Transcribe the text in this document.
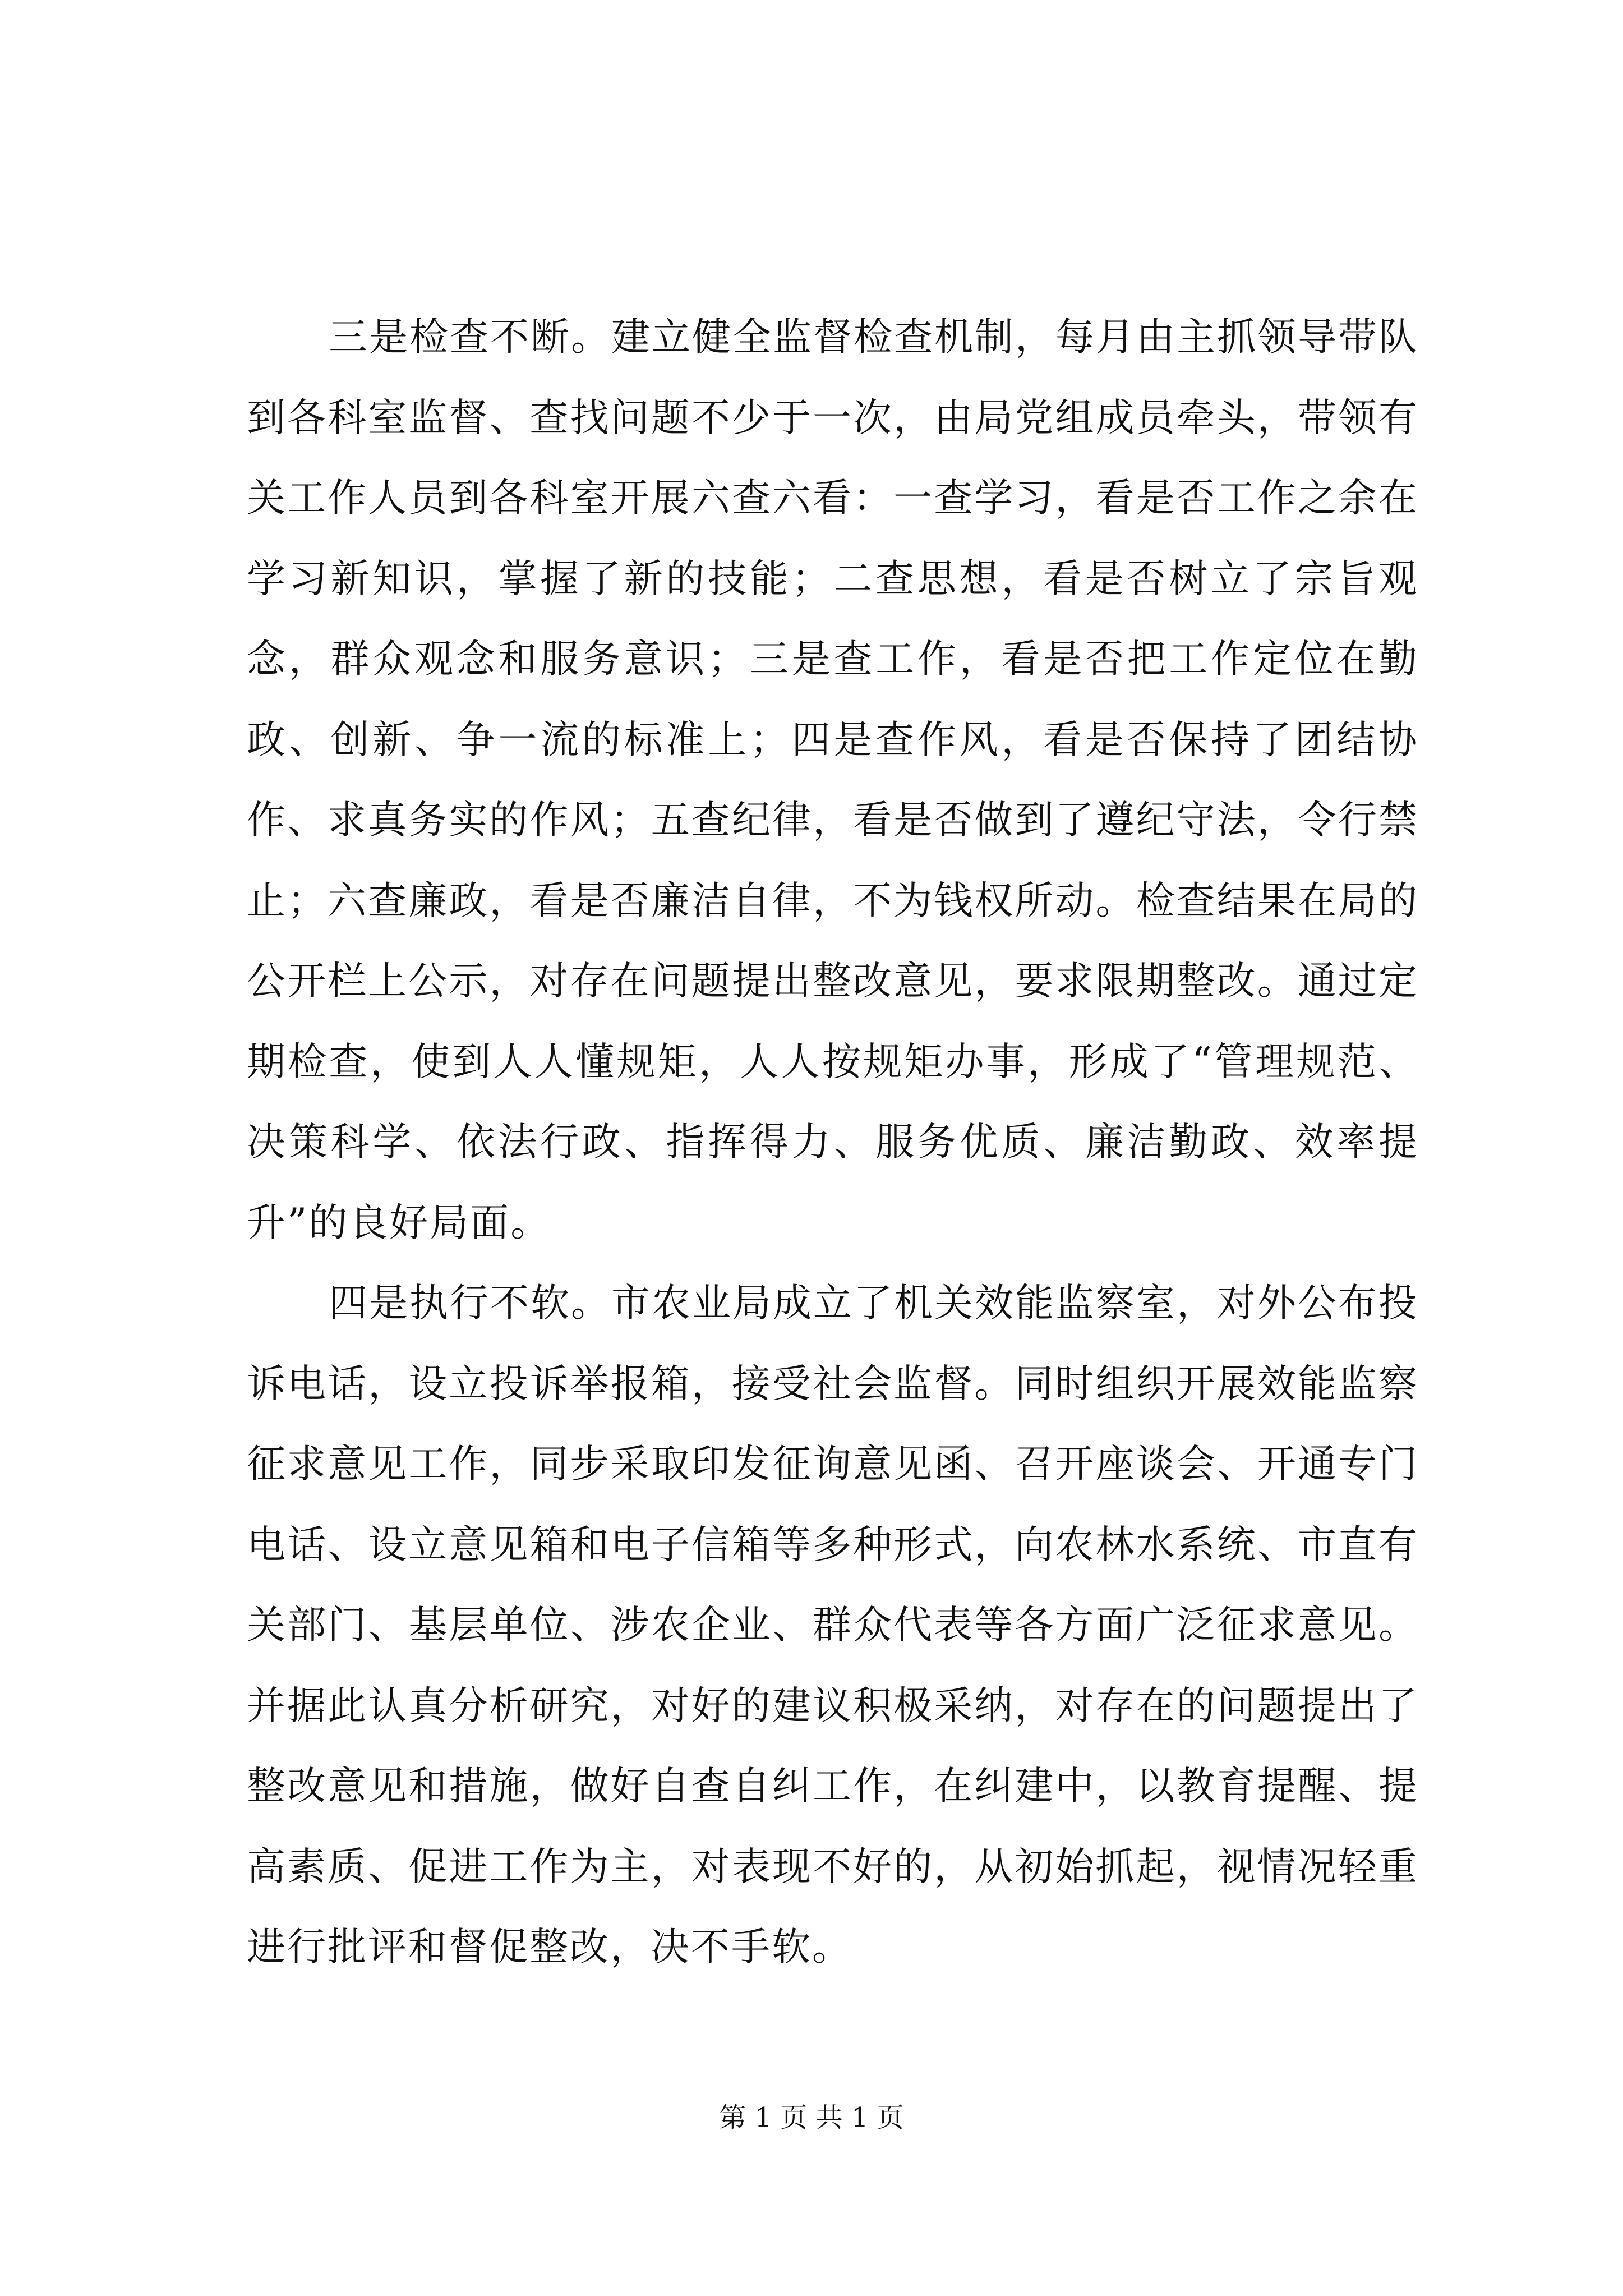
三是检查不断。建立健全监督检查机制，每月由主抓领导带队到各科室监督、查找问题不少于一次，由局党组成员牵头，带领有关工作人员到各科室开展六查六看：一查学习，看是否工作之余在学习新知识，掌握了新的技能；二查思想，看是否树立了宗旨观念，群众观念和服务意识；三是查工作，看是否把工作定位在勤政、创新、争一流的标准上；四是查作风，看是否保持了团结协作、求真务实的作风；五查纪律，看是否做到了遵纪守法，令行禁止；六查廉政，看是否廉洁自律，不为钱权所动。检查结果在局的公开栏上公示，对存在问题提出整改意见，要求限期整改。通过定期检查，使到人人懂规矩，人人按规矩办事，形成了“管理规范、决策科学、依法行政、指挥得力、服务优质、廉洁勤政、效率提升”的良好局面。

四是执行不软。市农业局成立了机关效能监察室，对外公布投诉电话，设立投诉举报箱，接受社会监督。同时组织开展效能监察征求意见工作，同步采取印发征询意见函、召开座谈会、开通专门电话、设立意见箱和电子信箱等多种形式，向农林水系统、市直有关部门、基层单位、涉农企业、群众代表等各方面广泛征求意见。并据此认真分析研究，对好的建议积极采纳，对存在的问题提出了整改意见和措施，做好自查自纠工作，在纠建中，以教育提醒、提高素质、促进工作为主，对表现不好的，从初始抓起，视情况轻重进行批评和督促整改，决不手软。

第 1 页 共 1 页
